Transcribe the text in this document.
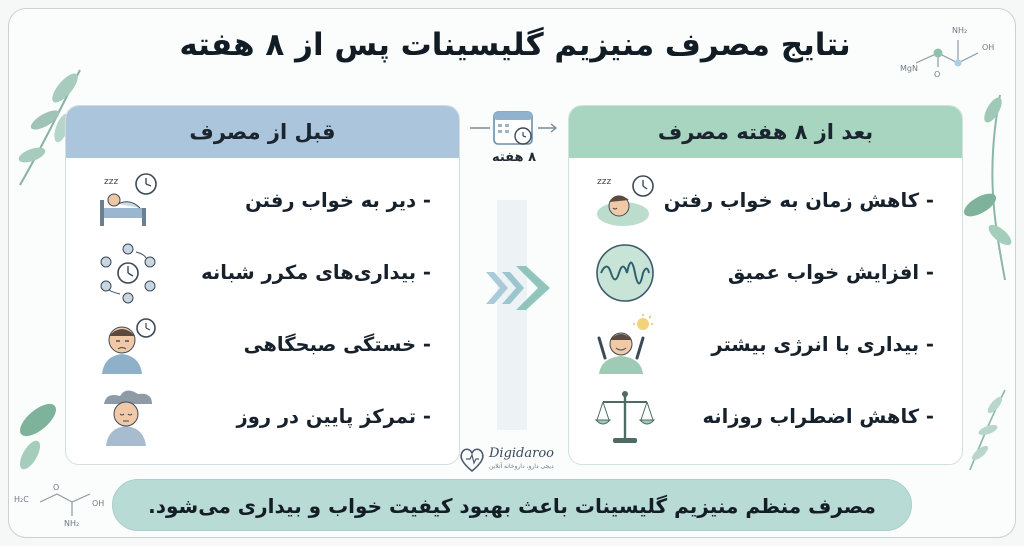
MgN
NH₂
OH
O
H₂C
NH₂
OH
O
نتایج مصرف منیزیم گلیسینات پس از ۸ هفته
قبل از مصرف
zzz
- دیر به خواب رفتن
- بیداری‌های مکرر شبانه
- خستگی صبحگاهی
- تمرکز پایین در روز
۸ هفته
بعد از ۸ هفته مصرف
zzz
- کاهش زمان به خواب رفتن
- افزایش خواب عمیق
- بیداری با انرژی بیشتر
- کاهش اضطراب روزانه
Digidaroo
دیجی دارو، داروخانه آنلاین
مصرف منظم منیزیم گلیسینات باعث بهبود کیفیت خواب و بیداری می‌شود.
